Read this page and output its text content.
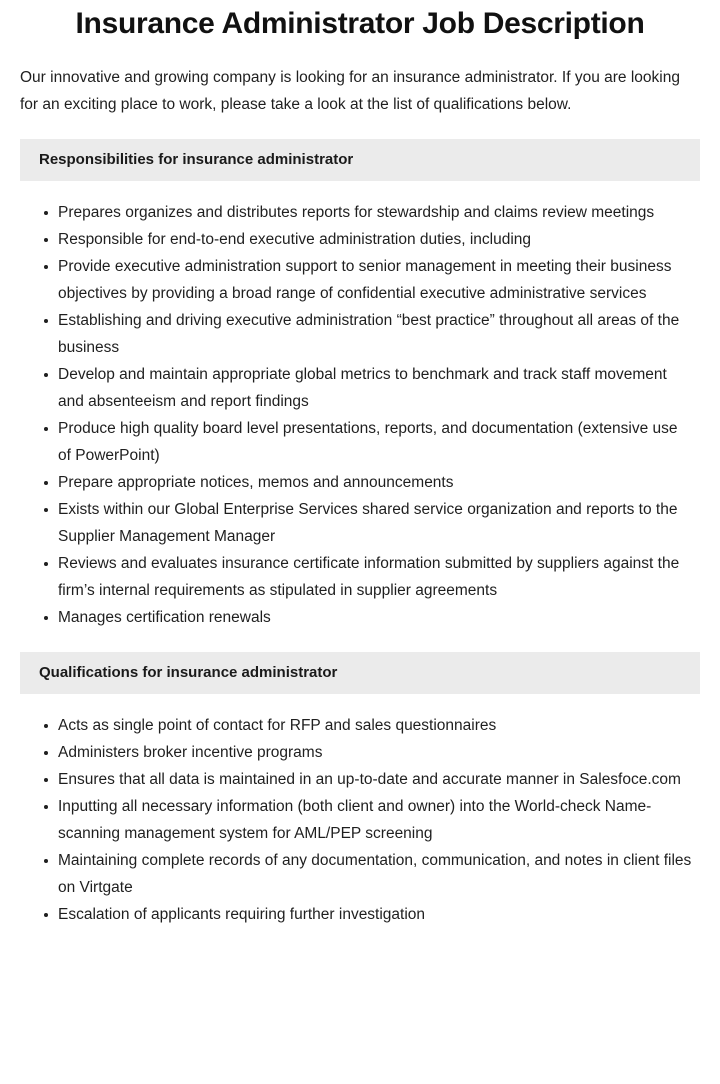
Insurance Administrator Job Description

Our innovative and growing company is looking for an insurance administrator. If you are looking for an exciting place to work, please take a look at the list of qualifications below.

Responsibilities for insurance administrator
Prepares organizes and distributes reports for stewardship and claims review meetings
Responsible for end-to-end executive administration duties, including
Provide executive administration support to senior management in meeting their business objectives by providing a broad range of confidential executive administrative services
Establishing and driving executive administration “best practice” throughout all areas of the business
Develop and maintain appropriate global metrics to benchmark and track staff movement and absenteeism and report findings
Produce high quality board level presentations, reports, and documentation (extensive use of PowerPoint)
Prepare appropriate notices, memos and announcements
Exists within our Global Enterprise Services shared service organization and reports to the Supplier Management Manager
Reviews and evaluates insurance certificate information submitted by suppliers against the firm’s internal requirements as stipulated in supplier agreements
Manages certification renewals
Qualifications for insurance administrator
Acts as single point of contact for RFP and sales questionnaires
Administers broker incentive programs
Ensures that all data is maintained in an up-to-date and accurate manner in Salesfoce.com
Inputting all necessary information (both client and owner) into the World-check Name-scanning management system for AML/PEP screening
Maintaining complete records of any documentation, communication, and notes in client files on Virtgate
Escalation of applicants requiring further investigation
